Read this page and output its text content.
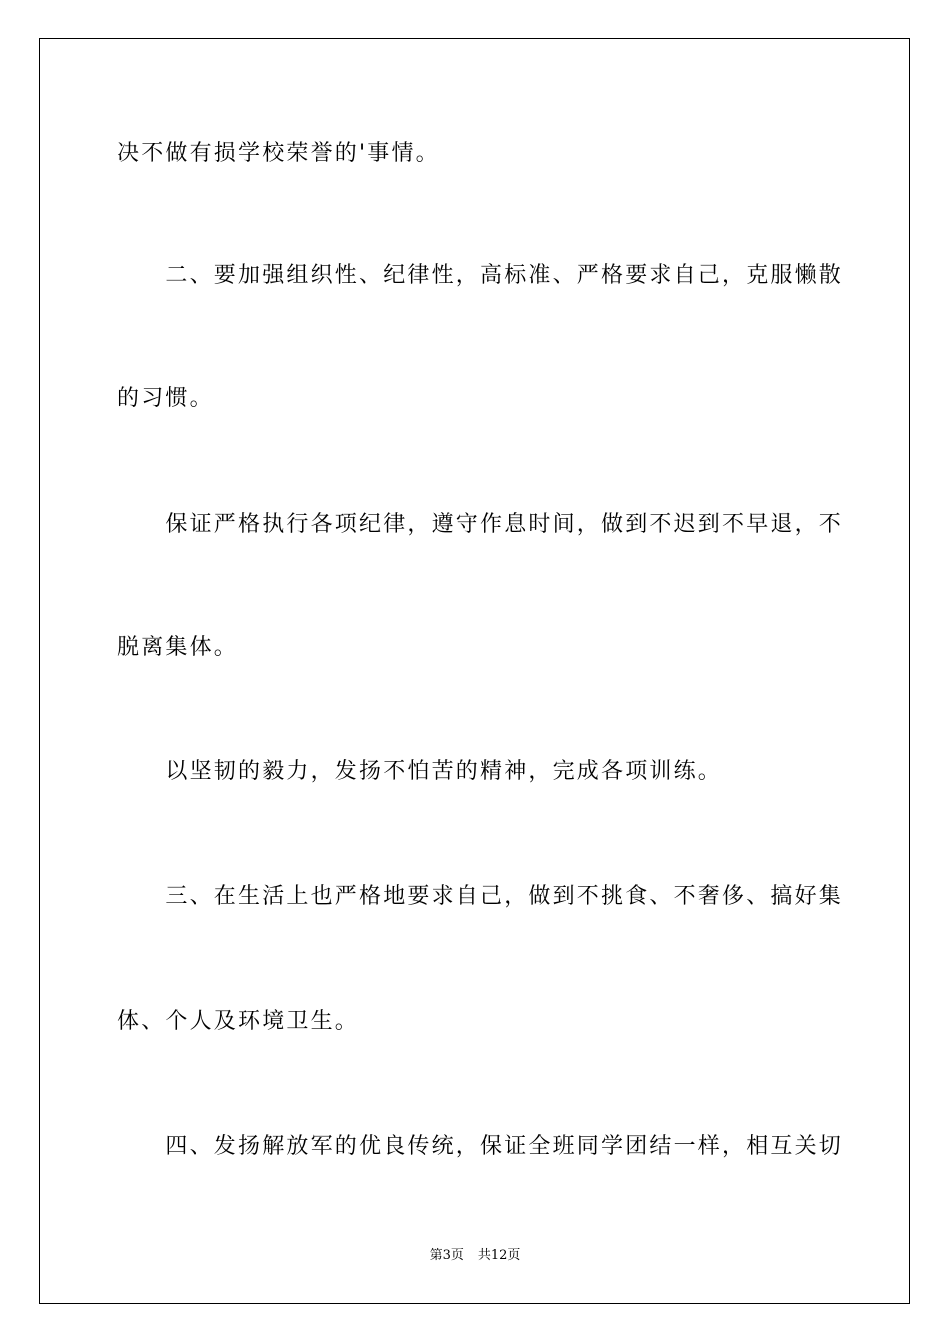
决不做有损学校荣誉的'事情。
　　二、要加强组织性、纪律性，高标准、严格要求自己，克服懒散
的习惯。
　　保证严格执行各项纪律，遵守作息时间，做到不迟到不早退，不
脱离集体。
　　以坚韧的毅力，发扬不怕苦的精神，完成各项训练。
　　三、在生活上也严格地要求自己，做到不挑食、不奢侈、搞好集
体、个人及环境卫生。
　　四、发扬解放军的优良传统，保证全班同学团结一样，相互关切
第3页 共12页
